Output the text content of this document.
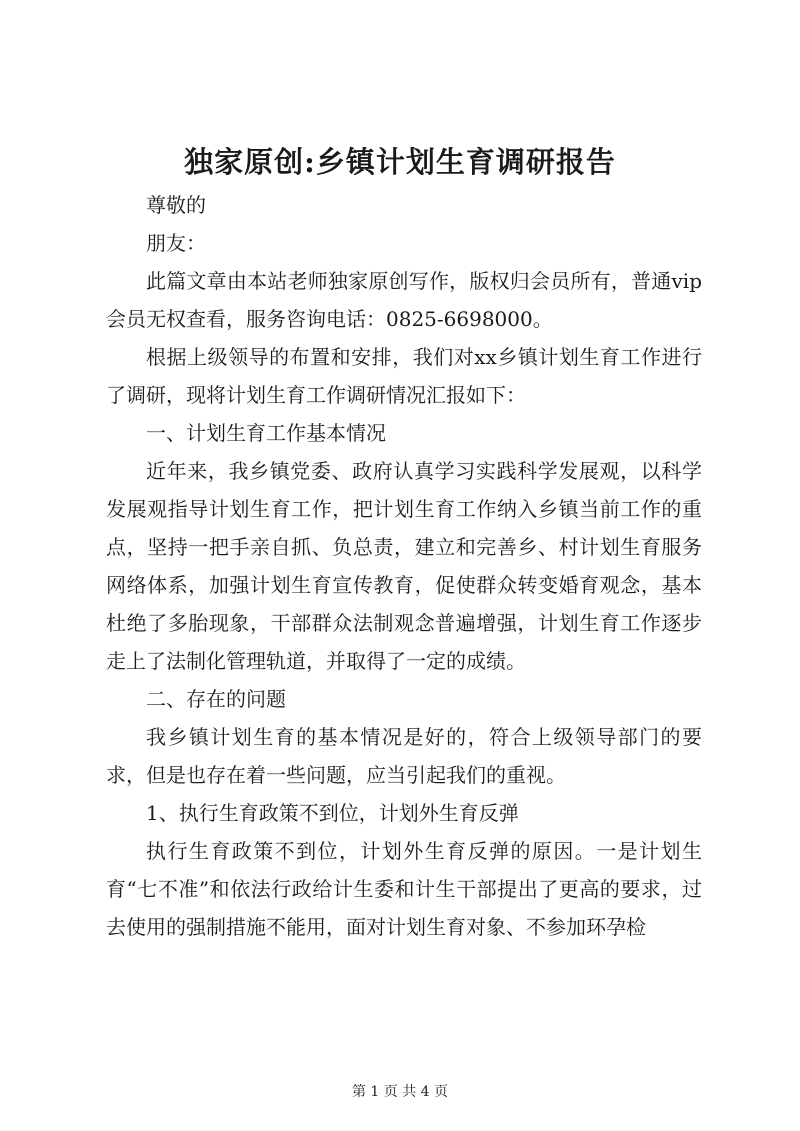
独家原创:乡镇计划生育调研报告

尊敬的

朋友：

此篇文章由本站老师独家原创写作，版权归会员所有，普通vip会员无权查看，服务咨询电话：0825-6698000。

根据上级领导的布置和安排，我们对xx乡镇计划生育工作进行了调研，现将计划生育工作调研情况汇报如下：

一、计划生育工作基本情况

近年来，我乡镇党委、政府认真学习实践科学发展观，以科学发展观指导计划生育工作，把计划生育工作纳入乡镇当前工作的重点，坚持一把手亲自抓、负总责，建立和完善乡、村计划生育服务网络体系，加强计划生育宣传教育，促使群众转变婚育观念，基本杜绝了多胎现象，干部群众法制观念普遍增强，计划生育工作逐步走上了法制化管理轨道，并取得了一定的成绩。

二、存在的问题

我乡镇计划生育的基本情况是好的，符合上级领导部门的要求，但是也存在着一些问题，应当引起我们的重视。

1、执行生育政策不到位，计划外生育反弹

执行生育政策不到位，计划外生育反弹的原因。一是计划生育“七不准”和依法行政给计生委和计生干部提出了更高的要求，过去使用的强制措施不能用，面对计划生育对象、不参加环孕检

第 1 页 共 4 页
